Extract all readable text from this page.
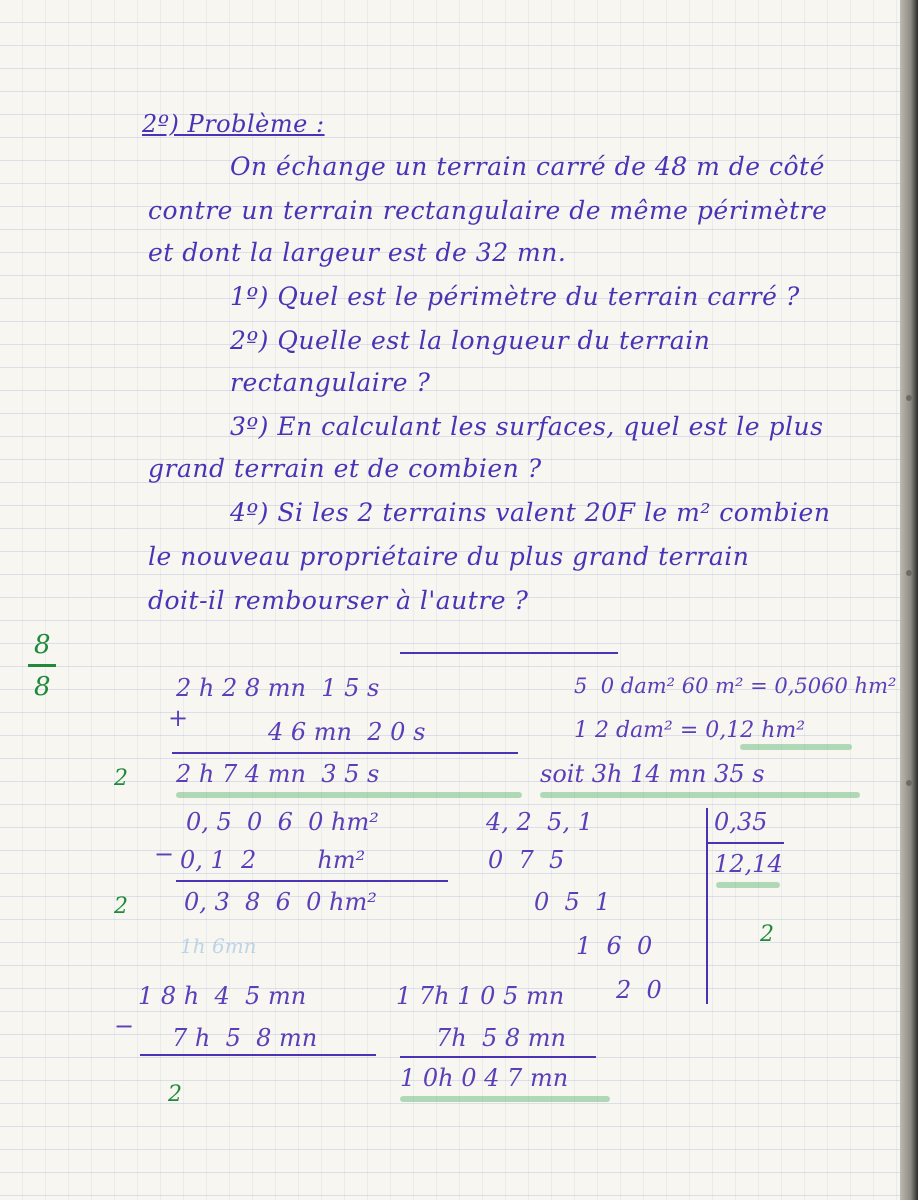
2º) Problème :
On échange un terrain carré de 48 m de côté
contre un terrain rectangulaire de même périmètre
et dont la largeur est de 32 mn.
1º) Quel est le périmètre du terrain carré ?
2º) Quelle est la longueur du terrain
rectangulaire ?
3º) En calculant les surfaces, quel est le plus
grand terrain et de combien ?
4º) Si les 2 terrains valent 20F le m² combien
le nouveau propriétaire du plus grand terrain
doit-il rembourser à l'autre ?
8
8	2 h 2 8 mn  1 5 s
+	4 6 mn  2 0 s
2 h 7 4 mn  3 5 s	soit 3h 14 mn 35 s
2
5  0 dam² 60 m² = 0,5060 hm²
1 2 dam² = 0,12 hm²
0, 5  0  6  0 hm²
− 0, 1  2        hm²
0, 3  8  6  0 hm²
2
4, 2  5, 1
0  7  5
0  5  1
1  6  0
2  0
0,35
12,14
2
1h 6mn
1 8 h  4  5 mn
− 7 h  5  8 mn
1 7h 1 0 5 mn
7h  5 8 mn
1 0h 0 4 7 mn
2
